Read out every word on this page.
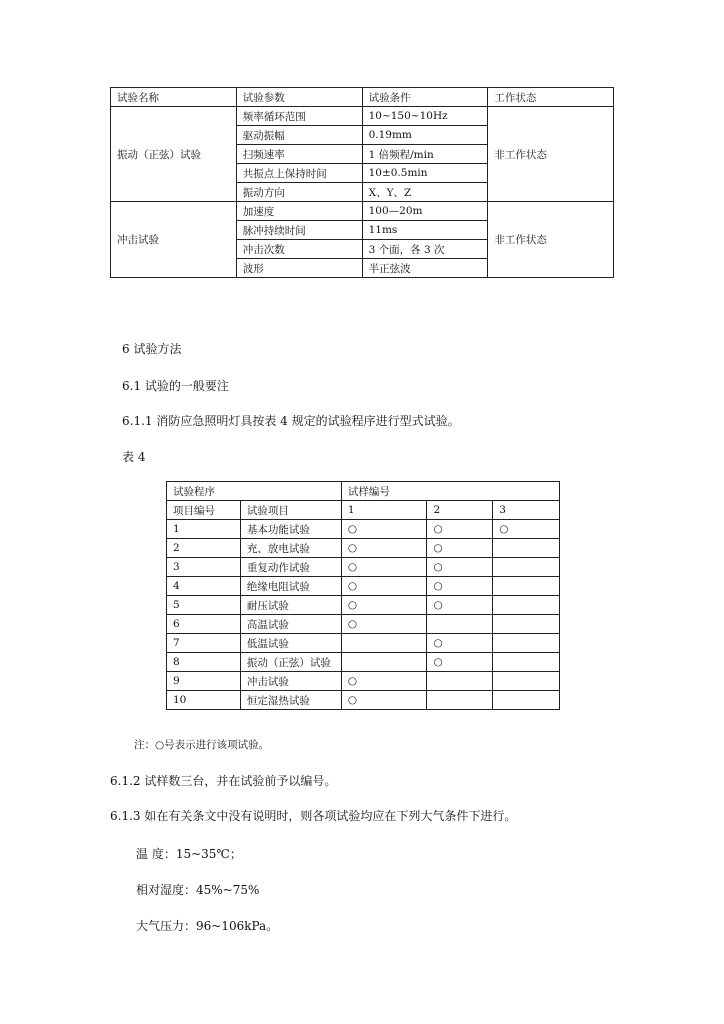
试验名称	试验参数	试验条件	工作状态
振动（正弦）试验	频率循环范围	10~150~10Hz	非工作状态
	驱动振幅	0.19mm	
	扫频速率	1 倍频程/min	
	共振点上保持时间	10±0.5min	
	振动方向	X、Y、Z	
冲击试验	加速度	100—20m	非工作状态
	脉冲持续时间	11ms	
	冲击次数	3 个面，各 3 次	
	波形	半正弦波	
6 试验方法
6.1 试验的一般要注
6.1.1 消防应急照明灯具按表 4 规定的试验程序进行型式试验。
表 4
试验程序		试样编号		
项目编号	试验项目	1	2	3
1	基本功能试验	○	○	○
2	充、放电试验	○	○	
3	重复动作试验	○	○	
4	绝缘电阻试验	○	○	
5	耐压试验	○	○	
6	高温试验	○		
7	低温试验		○	
8	振动（正弦）试验		○	
9	冲击试验	○		
10	恒定湿热试验	○		
注：○号表示进行该项试验。
6.1.2 试样数三台，并在试验前予以编号。
6.1.3 如在有关条文中没有说明时，则各项试验均应在下列大气条件下进行。
温 度：15~35℃；
相对湿度：45%~75%
大气压力：96~106kPa。
